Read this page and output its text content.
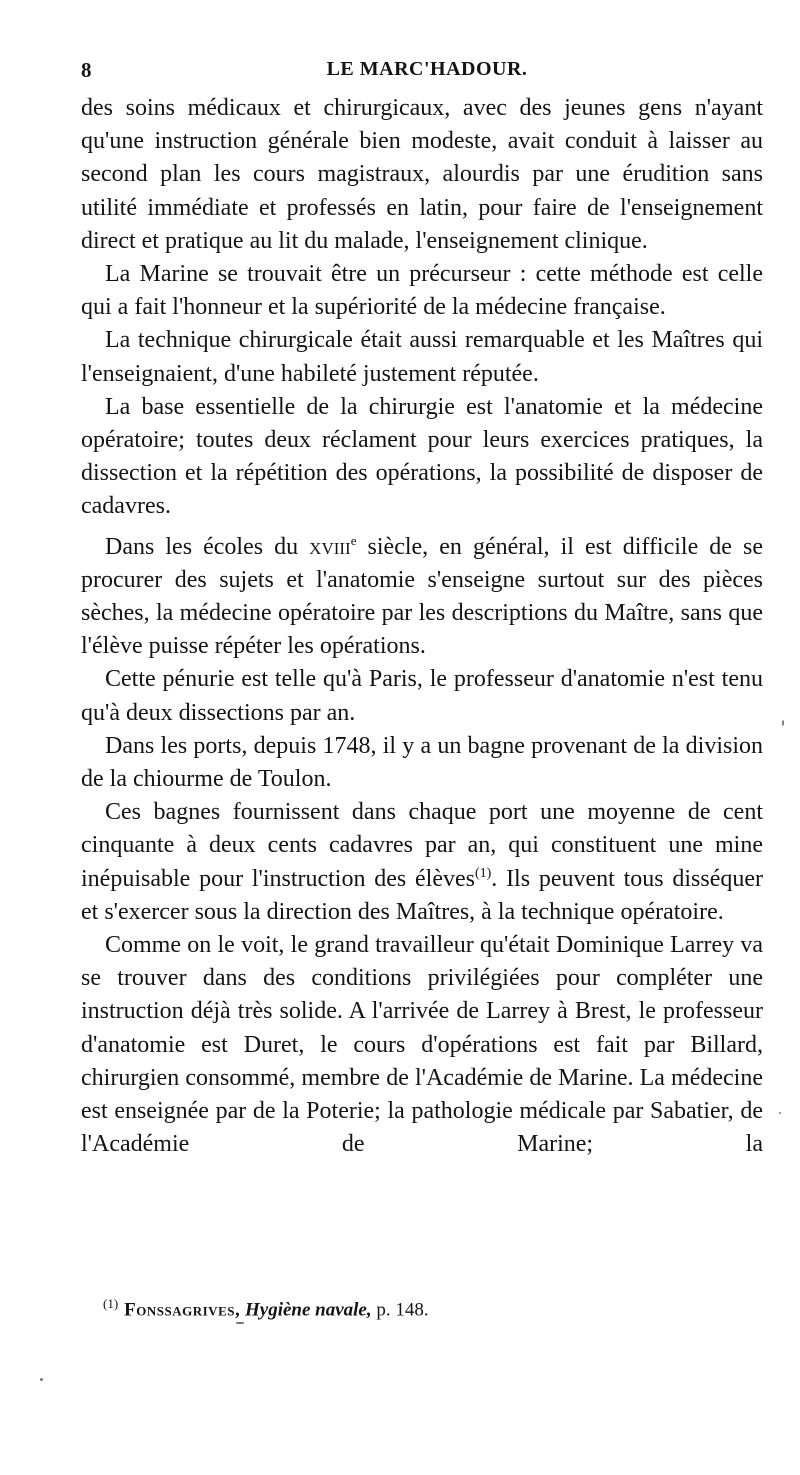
8	LE MARC'HADOUR.

des soins médicaux et chirurgicaux, avec des jeunes gens n'ayant qu'une instruction générale bien modeste, avait conduit à laisser au second plan les cours magistraux, alourdis par une érudition sans utilité immédiate et professés en latin, pour faire de l'enseignement direct et pratique au lit du malade, l'enseignement clinique.

La Marine se trouvait être un précurseur : cette méthode est celle qui a fait l'honneur et la supériorité de la médecine française.

La technique chirurgicale était aussi remarquable et les Maîtres qui l'enseignaient, d'une habileté justement réputée.

La base essentielle de la chirurgie est l'anatomie et la médecine opératoire; toutes deux réclament pour leurs exercices pratiques, la dissection et la répétition des opérations, la possibilité de disposer de cadavres.

Dans les écoles du xviii$^e$ siècle, en général, il est difficile de se procurer des sujets et l'anatomie s'enseigne surtout sur des pièces sèches, la médecine opératoire par les descriptions du Maître, sans que l'élève puisse répéter les opérations.

Cette pénurie est telle qu'à Paris, le professeur d'anatomie n'est tenu qu'à deux dissections par an.

Dans les ports, depuis 1748, il y a un bagne provenant de la division de la chiourme de Toulon.

Ces bagnes fournissent dans chaque port une moyenne de cent cinquante à deux cents cadavres par an, qui constituent une mine inépuisable pour l'instruction des élèves$^{(1)}$. Ils peuvent tous disséquer et s'exercer sous la direction des Maîtres, à la technique opératoire.

Comme on le voit, le grand travailleur qu'était Dominique Larrey va se trouver dans des conditions privilégiées pour compléter une instruction déjà très solide. A l'arrivée de Larrey à Brest, le professeur d'anatomie est Duret, le cours d'opérations est fait par Billard, chirurgien consommé, membre de l'Académie de Marine. La médecine est enseignée par de la Poterie; la pathologie médicale par Sabatier, de l'Académie de Marine; la

$^{(1)}$ Fonssagrives, Hygiène navale, p. 148.
